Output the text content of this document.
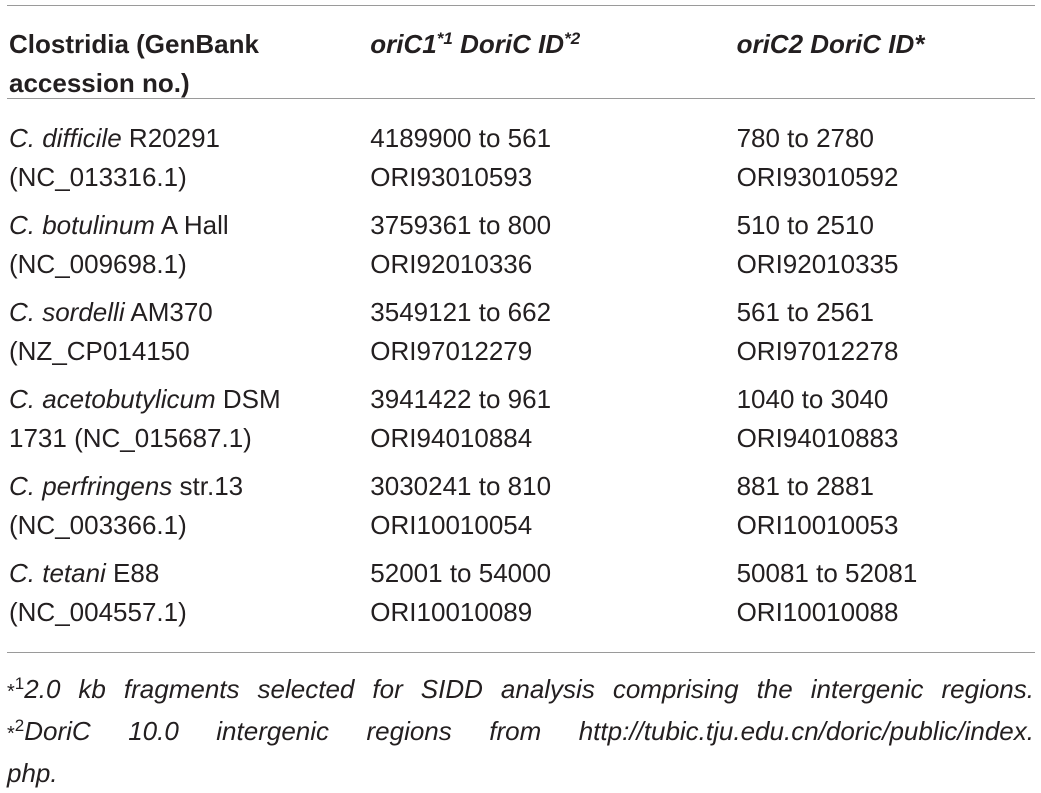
Clostridia (GenBank
accession no.)
oriC1$^{*1}$ DoriC ID$^{*2}$	oriC2 DoriC ID*
C. difficile R20291
(NC_013316.1)
4189900 to 561
ORI93010593
780 to 2780
ORI93010592
C. botulinum A Hall
(NC_009698.1)
3759361 to 800
ORI92010336
510 to 2510
ORI92010335
C. sordelli AM370
(NZ_CP014150
3549121 to 662
ORI97012279
561 to 2561
ORI97012278
C. acetobutylicum DSM
1731 (NC_015687.1)
3941422 to 961
ORI94010884
1040 to 3040
ORI94010883
C. perfringens str.13
(NC_003366.1)
3030241 to 810
ORI10010054
881 to 2881
ORI10010053
C. tetani E88
(NC_004557.1)
52001 to 54000
ORI10010089
50081 to 52081
ORI10010088
*$^1$2.0 kb fragments selected for SIDD analysis comprising the intergenic regions.
*$^2$DoriC 10.0 intergenic regions from http://tubic.tju.edu.cn/doric/public/index.
php.
